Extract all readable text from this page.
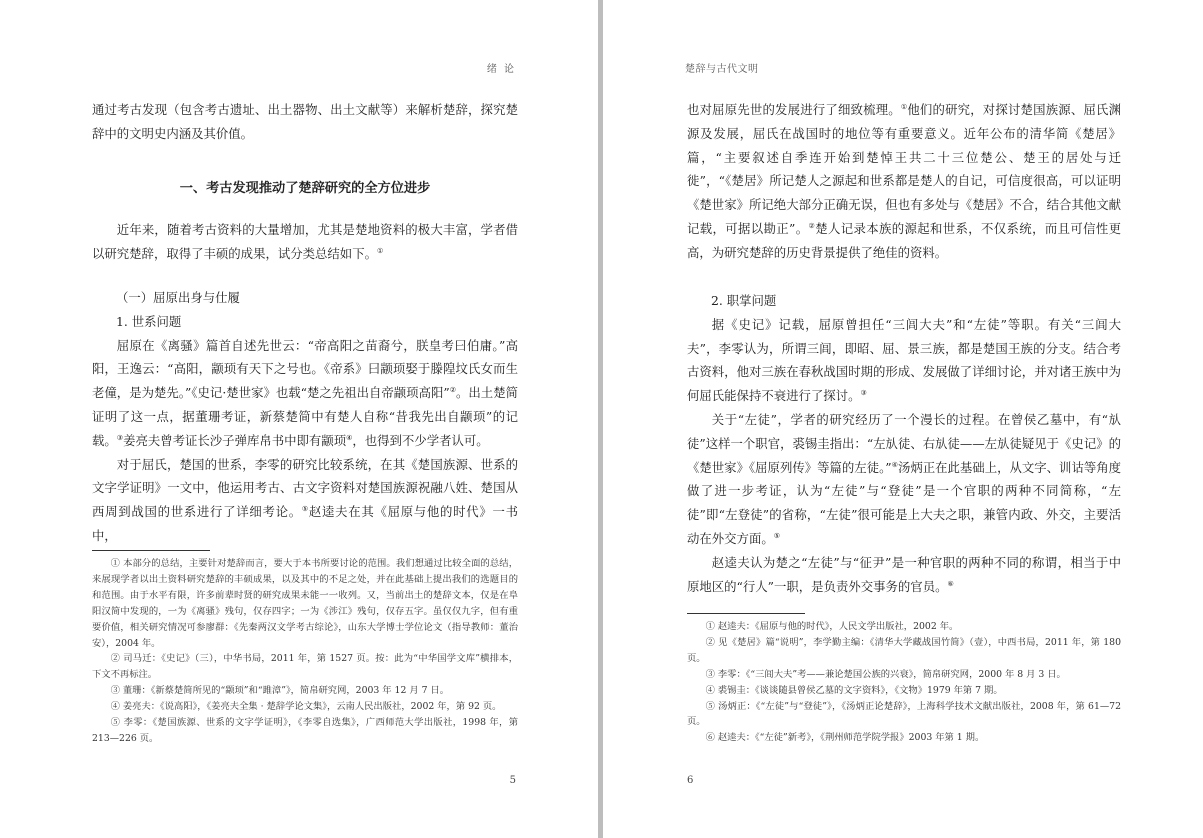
绪 论

通过考古发现（包含考古遗址、出土器物、出土文献等）来解析楚辞，探究楚辞中的文明史内涵及其价值。

一、考古发现推动了楚辞研究的全方位进步

近年来，随着考古资料的大量增加，尤其是楚地资料的极大丰富，学者借以研究楚辞，取得了丰硕的成果，试分类总结如下。①

（一）屈原出身与仕履

1. 世系问题

屈原在《离骚》篇首自述先世云：“帝高阳之苗裔兮，朕皇考曰伯庸。”高阳，王逸云：“高阳，颛顼有天下之号也。《帝系》曰颛顼娶于滕隍坟氏女而生老僮，是为楚先。”《史记·楚世家》也载“楚之先祖出自帝颛顼高阳”②。出土楚简证明了这一点，据董珊考证，新蔡楚简中有楚人自称“昔我先出自颛顼”的记载。③姜亮夫曾考证长沙子弹库帛书中即有颛顼④，也得到不少学者认可。

对于屈氏，楚国的世系，李零的研究比较系统，在其《楚国族源、世系的文字学证明》一文中，他运用考古、古文字资料对楚国族源祝融八姓、楚国从西周到战国的世系进行了详细考论。⑤赵逵夫在其《屈原与他的时代》一书中，

① 本部分的总结，主要针对楚辞而言，要大于本书所要讨论的范围。我们想通过比较全面的总结，来展现学者以出土资料研究楚辞的丰硕成果，以及其中的不足之处，并在此基础上提出我们的选题目的和范围。由于水平有限，许多前辈时贤的研究成果未能一一收列。又，当前出土的楚辞文本，仅是在阜阳汉简中发现的，一为《离骚》残句，仅存四字；一为《涉江》残句，仅存五字。虽仅仅九字，但有重要价值，相关研究情况可参廖群：《先秦两汉文学考古综论》，山东大学博士学位论文（指导教师：董治安），2004 年。

② 司马迁：《史记》（三），中华书局，2011 年，第 1527 页。按：此为“中华国学文库”横排本，下文不再标注。

③ 董珊：《新蔡楚简所见的“颛顼”和“雎漳”》，简帛研究网，2003 年 12 月 7 日。

④ 姜亮夫：《说高阳》，《姜亮夫全集 · 楚辞学论文集》，云南人民出版社，2002 年，第 92 页。

⑤ 李零：《楚国族源、世系的文字学证明》，《李零自选集》，广西师范大学出版社，1998 年，第 213—226 页。

5
楚辞与古代文明

也对屈原先世的发展进行了细致梳理。①他们的研究，对探讨楚国族源、屈氏渊源及发展，屈氏在战国时的地位等有重要意义。近年公布的清华简《楚居》篇，“主要叙述自季连开始到楚悼王共二十三位楚公、楚王的居处与迁徙”，“《楚居》所记楚人之源起和世系都是楚人的自记，可信度很高，可以证明《楚世家》所记绝大部分正确无误，但也有多处与《楚居》不合，结合其他文献记载，可据以勘正”。②楚人记录本族的源起和世系，不仅系统，而且可信性更高，为研究楚辞的历史背景提供了绝佳的资料。

2. 职掌问题

据《史记》记载，屈原曾担任“三闾大夫”和“左徒”等职。有关“三闾大夫”，李零认为，所谓三闾，即昭、屈、景三族，都是楚国王族的分支。结合考古资料，他对三族在春秋战国时期的形成、发展做了详细讨论，并对诸王族中为何屈氏能保持不衰进行了探讨。③

关于“左徒”，学者的研究经历了一个漫长的过程。在曾侯乙墓中，有“㫃徒”这样一个职官，裘锡圭指出：“左㫃徒、右㫃徒——左㫃徒疑见于《史记》的《楚世家》《屈原列传》等篇的左徒。”④汤炳正在此基础上，从文字、训诂等角度做了进一步考证，认为“左徒”与“登徒”是一个官职的两种不同简称，“左徒”即“左登徒”的省称，“左徒”很可能是上大夫之职，兼管内政、外交，主要活动在外交方面。⑤

赵逵夫认为楚之“左徒”与“征尹”是一种官职的两种不同的称谓，相当于中原地区的“行人”一职，是负责外交事务的官员。⑥

① 赵逵夫：《屈原与他的时代》，人民文学出版社，2002 年。

② 见《楚居》篇“说明”，李学勤主编：《清华大学藏战国竹简》（壹），中西书局，2011 年，第 180 页。

③ 李零：《“三闾大夫”考——兼论楚国公族的兴衰》，简帛研究网，2000 年 8 月 3 日。

④ 裘锡圭：《谈谈随县曾侯乙墓的文字资料》，《文物》1979 年第 7 期。

⑤ 汤炳正：《“左徒”与“登徒”》，《汤炳正论楚辞》，上海科学技术文献出版社，2008 年，第 61—72 页。

⑥ 赵逵夫：《“左徒”新考》，《荆州师范学院学报》2003 年第 1 期。

6
